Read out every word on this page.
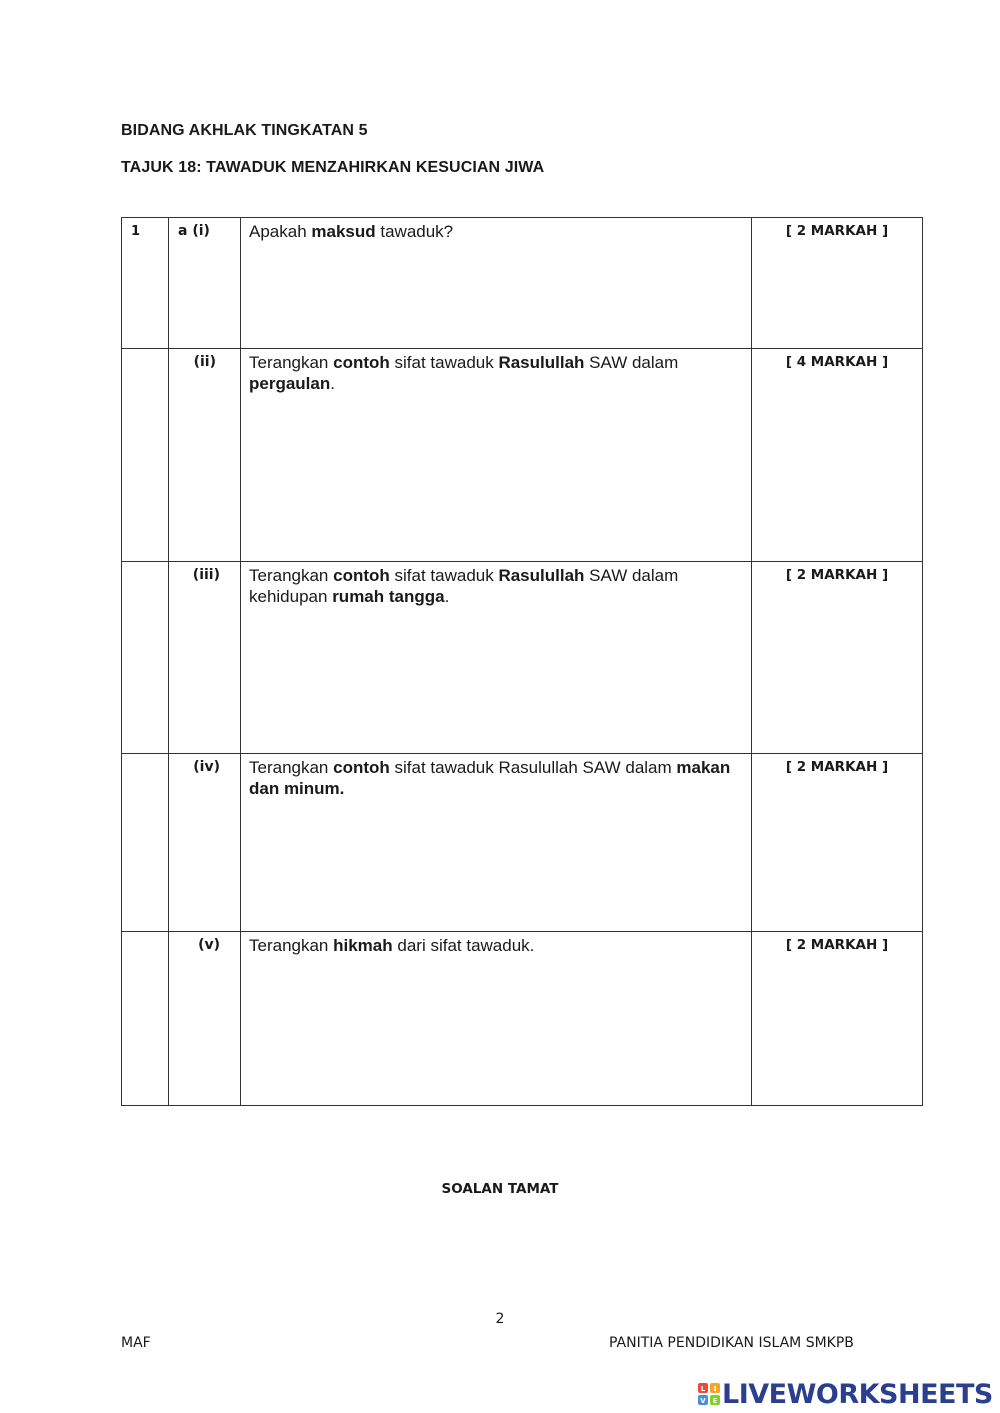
BIDANG AKHLAK TINGKATAN 5
TAJUK 18: TAWADUK MENZAHIRKAN KESUCIAN JIWA
1	a (i)	Apakah maksud tawaduk?	[ 2 MARKAH ]

	(ii)	Terangkan contoh sifat tawaduk Rasulullah SAW dalam pergaulan.	[ 4 MARKAH ]

	(iii)	Terangkan contoh sifat tawaduk Rasulullah SAW dalam kehidupan rumah tangga.	[ 2 MARKAH ]

	(iv)	Terangkan contoh sifat tawaduk Rasulullah SAW dalam makan dan minum.	[ 2 MARKAH ]

	(v)	Terangkan hikmah dari sifat tawaduk.	[ 2 MARKAH ]
SOALAN TAMAT
2
MAF	PANITIA PENDIDIKAN ISLAM SMKPB
L I
V E LIVEWORKSHEETS
